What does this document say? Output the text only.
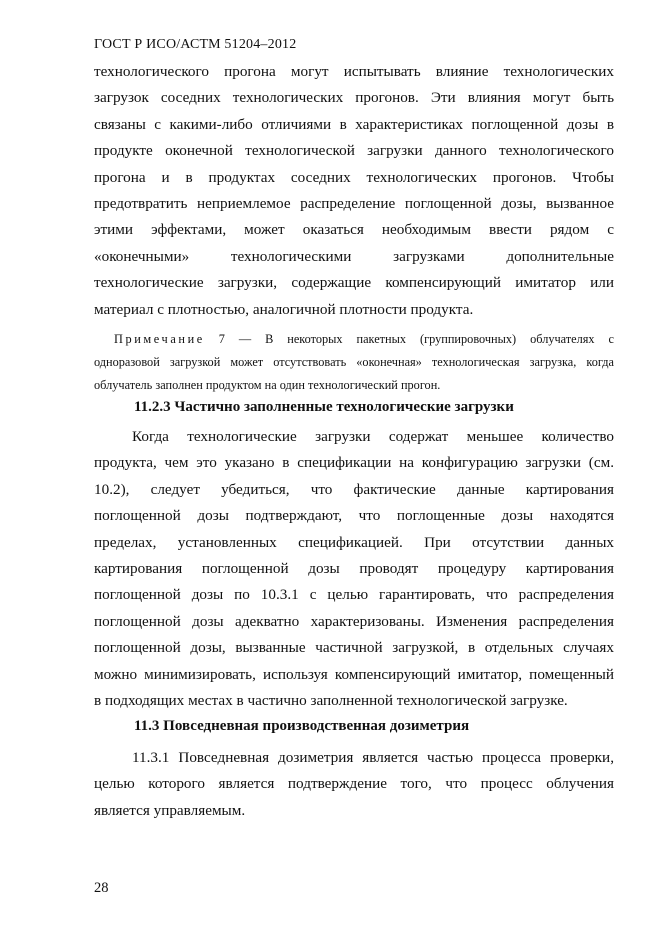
ГОСТ Р ИСО/АСТМ 51204–2012
технологического прогона могут испытывать влияние технологических
загрузок соседних технологических прогонов. Эти влияния могут быть
связаны с какими-либо отличиями в характеристиках поглощенной дозы в
продукте оконечной технологической загрузки данного технологического
прогона и в продуктах соседних технологических прогонов. Чтобы
предотвратить неприемлемое распределение поглощенной дозы, вызванное
этими эффектами, может оказаться необходимым ввести рядом с
«оконечными» технологическими загрузками дополнительные
технологические загрузки, содержащие компенсирующий имитатор или
материал с плотностью, аналогичной плотности продукта.
Примечание 7 — В некоторых пакетных (группировочных) облучателях с
одноразовой загрузкой может отсутствовать «оконечная» технологическая загрузка, когда
облучатель заполнен продуктом на один технологический прогон.
11.2.3 Частично заполненные технологические загрузки
Когда технологические загрузки содержат меньшее количество
продукта, чем это указано в спецификации на конфигурацию загрузки (см.
10.2), следует убедиться, что фактические данные картирования
поглощенной дозы подтверждают, что поглощенные дозы находятся
пределах, установленных спецификацией. При отсутствии данных
картирования поглощенной дозы проводят процедуру картирования
поглощенной дозы по 10.3.1 с целью гарантировать, что распределения
поглощенной дозы адекватно характеризованы. Изменения распределения
поглощенной дозы, вызванные частичной загрузкой, в отдельных случаях
можно минимизировать, используя компенсирующий имитатор, помещенный
в подходящих местах в частично заполненной технологической загрузке.
11.3 Повседневная производственная дозиметрия
11.3.1 Повседневная дозиметрия является частью процесса проверки,
целью которого является подтверждение того, что процесс облучения
является управляемым.
28
